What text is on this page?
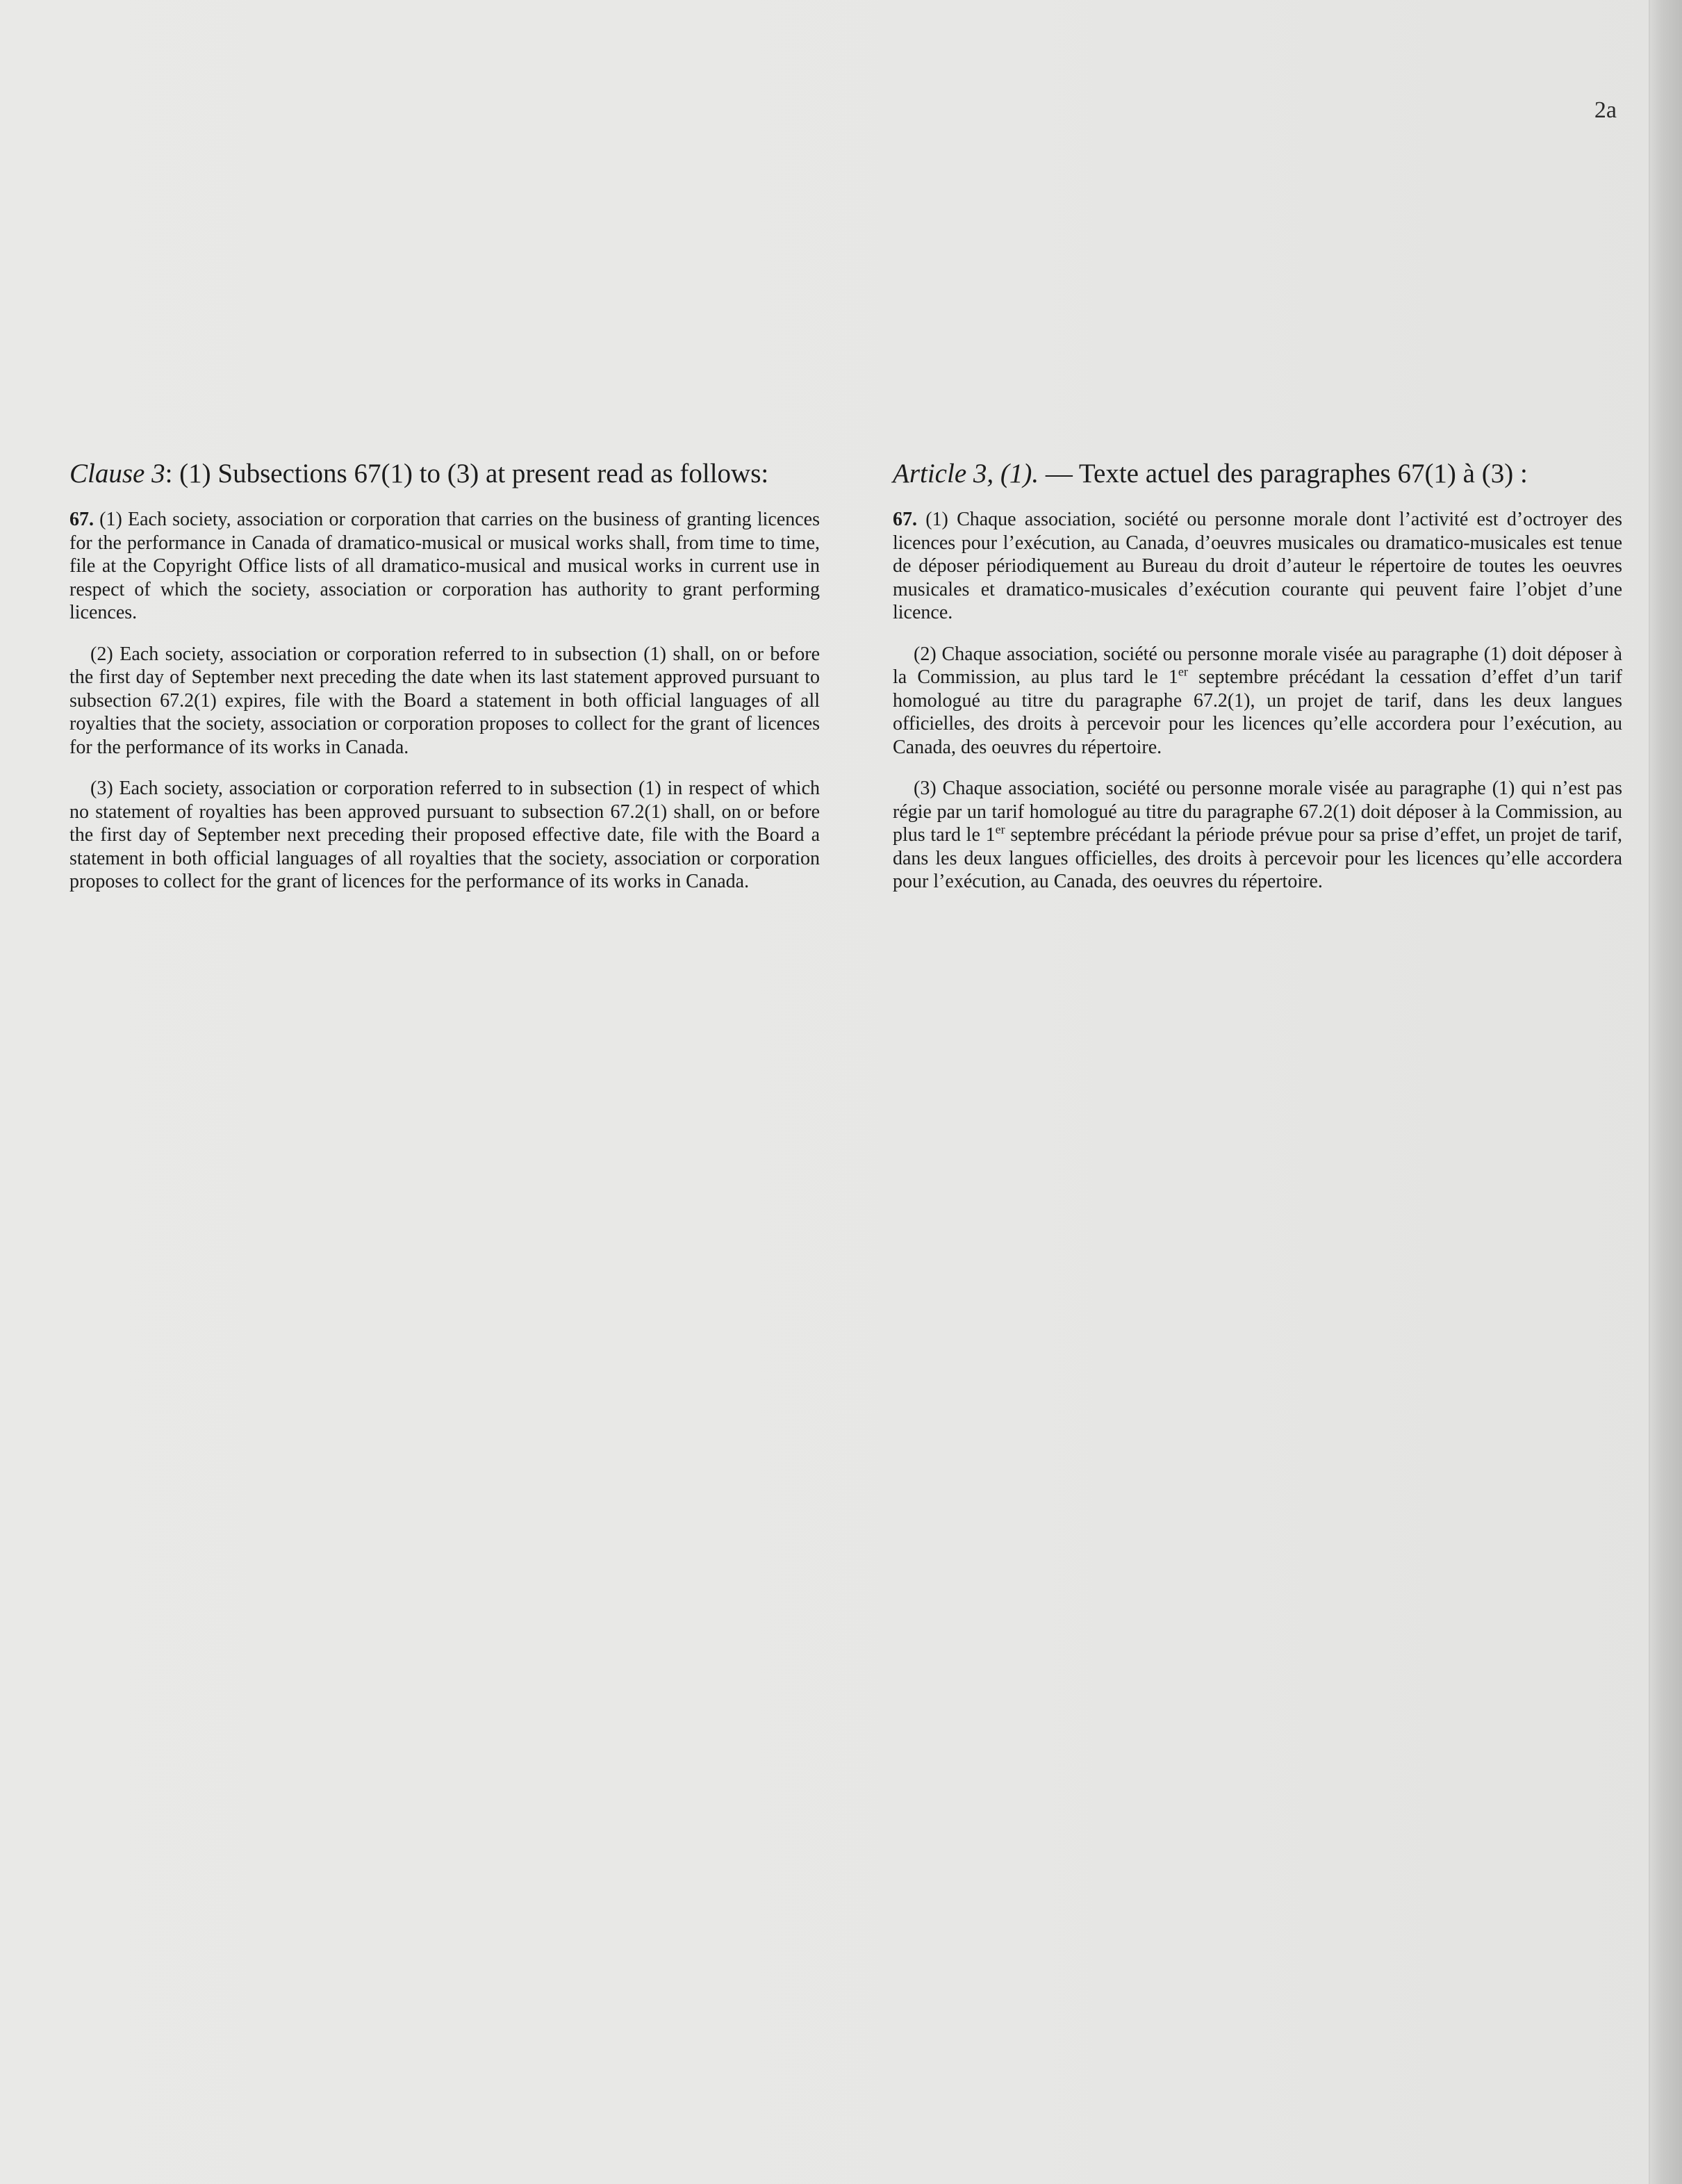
2a

Clause 3: (1) Subsections 67(1) to (3) at present read as follows:

67. (1) Each society, association or corporation that carries on the business of granting licences for the performance in Canada of dramatico-musical or musical works shall, from time to time, file at the Copyright Office lists of all dramatico-musical and musical works in current use in respect of which the society, association or corporation has authority to grant performing licences.

(2) Each society, association or corporation referred to in subsection (1) shall, on or before the first day of September next preceding the date when its last statement approved pursuant to subsection 67.2(1) expires, file with the Board a statement in both official languages of all royalties that the society, association or corporation proposes to collect for the grant of licences for the performance of its works in Canada.

(3) Each society, association or corporation referred to in subsection (1) in respect of which no statement of royalties has been approved pursuant to subsection 67.2(1) shall, on or before the first day of September next preceding their proposed effective date, file with the Board a statement in both official languages of all royalties that the society, association or corporation proposes to collect for the grant of licences for the performance of its works in Canada.

Article 3, (1). — Texte actuel des paragraphes 67(1) à (3) :

67. (1) Chaque association, société ou personne morale dont l’activité est d’octroyer des licences pour l’exécution, au Canada, d’oeuvres musicales ou dramatico-musicales est tenue de déposer périodiquement au Bureau du droit d’auteur le répertoire de toutes les oeuvres musicales et dramatico-musicales d’exécution courante qui peuvent faire l’objet d’une licence.

(2) Chaque association, société ou personne morale visée au paragraphe (1) doit déposer à la Commission, au plus tard le 1er septembre précédant la cessation d’effet d’un tarif homologué au titre du paragraphe 67.2(1), un projet de tarif, dans les deux langues officielles, des droits à percevoir pour les licences qu’elle accordera pour l’exécution, au Canada, des oeuvres du répertoire.

(3) Chaque association, société ou personne morale visée au paragraphe (1) qui n’est pas régie par un tarif homologué au titre du paragraphe 67.2(1) doit déposer à la Commission, au plus tard le 1er septembre précédant la période prévue pour sa prise d’effet, un projet de tarif, dans les deux langues officielles, des droits à percevoir pour les licences qu’elle accordera pour l’exécution, au Canada, des oeuvres du répertoire.
